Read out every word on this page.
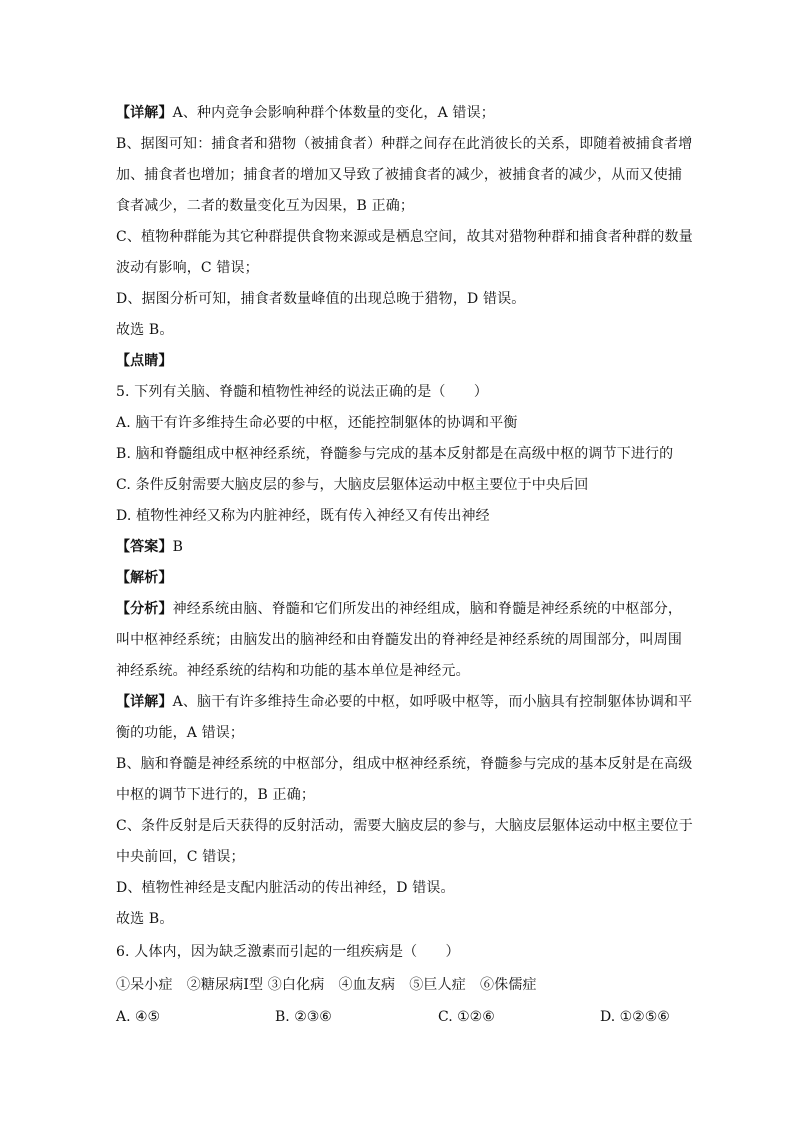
【详解】A、种内竞争会影响种群个体数量的变化，A 错误；
B、据图可知：捕食者和猎物（被捕食者）种群之间存在此消彼长的关系，即随着被捕食者增
加、捕食者也增加；捕食者的增加又导致了被捕食者的减少，被捕食者的减少，从而又使捕
食者减少，二者的数量变化互为因果，B 正确；
C、植物种群能为其它种群提供食物来源或是栖息空间，故其对猎物种群和捕食者种群的数量
波动有影响，C 错误；
D、据图分析可知，捕食者数量峰值的出现总晚于猎物，D 错误。
故选 B。
【点睛】
5. 下列有关脑、脊髓和植物性神经的说法正确的是（　　）
A. 脑干有许多维持生命必要的中枢，还能控制躯体的协调和平衡
B. 脑和脊髓组成中枢神经系统，脊髓参与完成的基本反射都是在高级中枢的调节下进行的
C. 条件反射需要大脑皮层的参与，大脑皮层躯体运动中枢主要位于中央后回
D. 植物性神经又称为内脏神经，既有传入神经又有传出神经
【答案】B
【解析】
【分析】神经系统由脑、脊髓和它们所发出的神经组成，脑和脊髓是神经系统的中枢部分，
叫中枢神经系统；由脑发出的脑神经和由脊髓发出的脊神经是神经系统的周围部分，叫周围
神经系统。神经系统的结构和功能的基本单位是神经元。
【详解】A、脑干有许多维持生命必要的中枢，如呼吸中枢等，而小脑具有控制躯体协调和平
衡的功能，A 错误；
B、脑和脊髓是神经系统的中枢部分，组成中枢神经系统，脊髓参与完成的基本反射是在高级
中枢的调节下进行的，B 正确；
C、条件反射是后天获得的反射活动，需要大脑皮层的参与，大脑皮层躯体运动中枢主要位于
中央前回，C 错误；
D、植物性神经是支配内脏活动的传出神经，D 错误。
故选 B。
6. 人体内，因为缺乏激素而引起的一组疾病是（　　）
①呆小症　②糖尿病Ⅰ型 ③白化病　④血友病　⑤巨人症　⑥侏儒症
A. ④⑤	B. ②③⑥	C. ①②⑥	D. ①②⑤⑥
